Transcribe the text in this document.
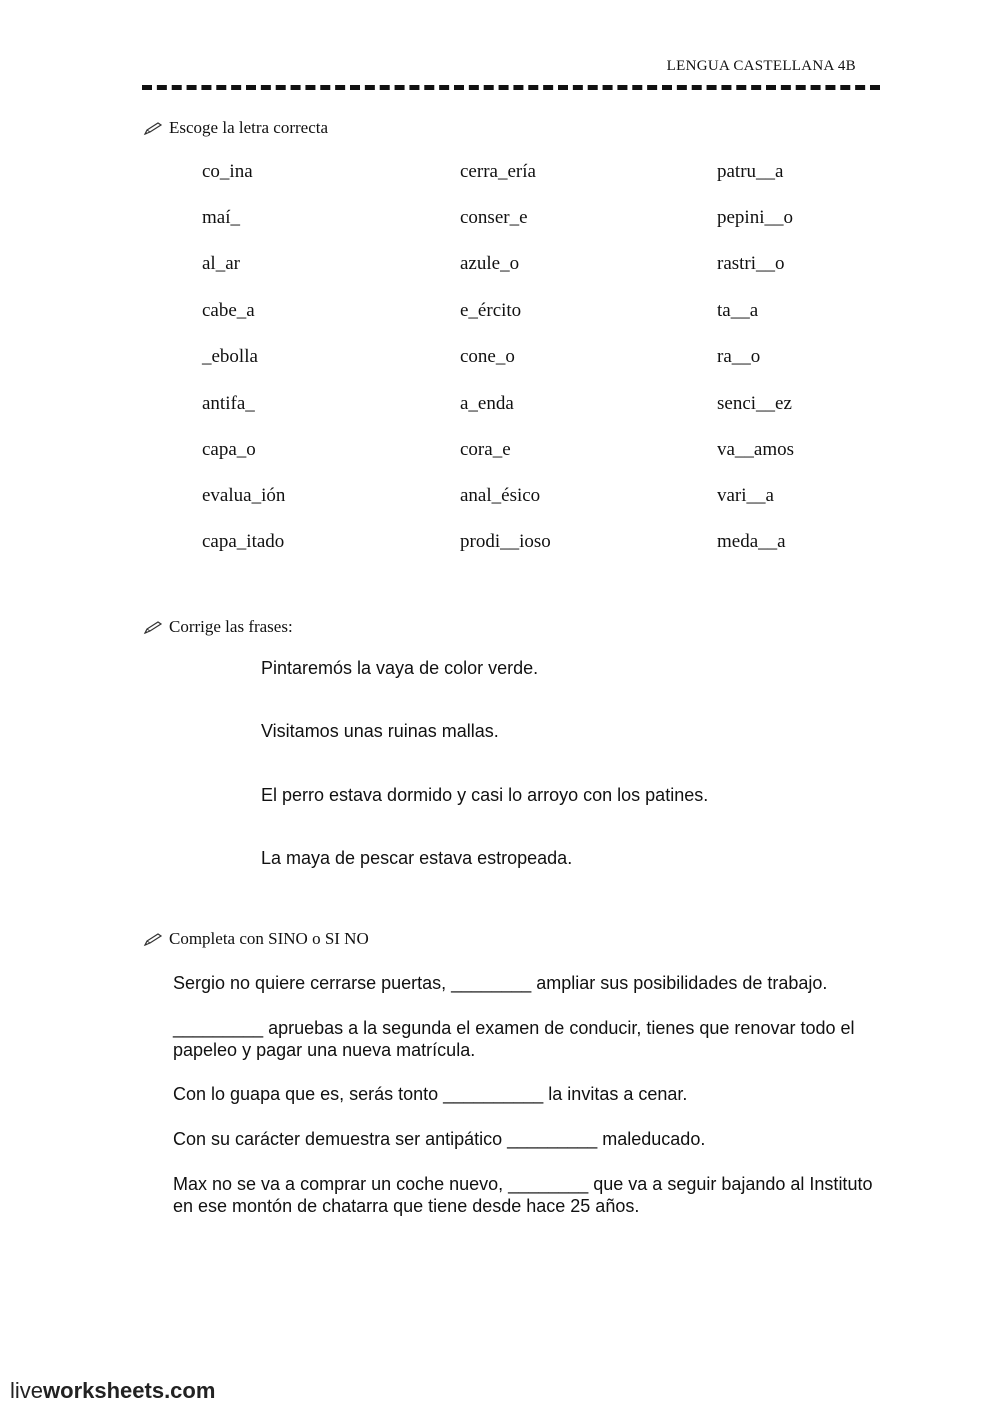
LENGUA CASTELLANA 4B
Escoge la letra correcta
co_ina	cerra_ería	patru__a
maí_	conser_e	pepini__o
al_ar	azule_o	rastri__o
cabe_a	e_ército	ta__a
_ebolla	cone_o	ra__o
antifa_	a_enda	senci__ez
capa_o	cora_e	va__amos
evalua_ión	anal_ésico	vari__a
capa_itado	prodi__ioso	meda__a
Corrige las frases:
Pintaremós la vaya de color verde.
Visitamos unas ruinas mallas.
El perro estava dormido y casi lo arroyo con los patines.
La maya de pescar estava estropeada.
Completa con SINO o SI NO
Sergio no quiere cerrarse puertas, ________ ampliar sus posibilidades de trabajo.
_________ apruebas a la segunda el examen de conducir, tienes que renovar todo el papeleo y pagar una nueva matrícula.
Con lo guapa que es, serás tonto __________ la invitas a cenar.
Con su carácter demuestra ser antipático _________ maleducado.
Max no se va a comprar un coche nuevo, ________ que va a seguir bajando al Instituto en ese montón de chatarra que tiene desde hace 25 años.
liveworksheets.com
